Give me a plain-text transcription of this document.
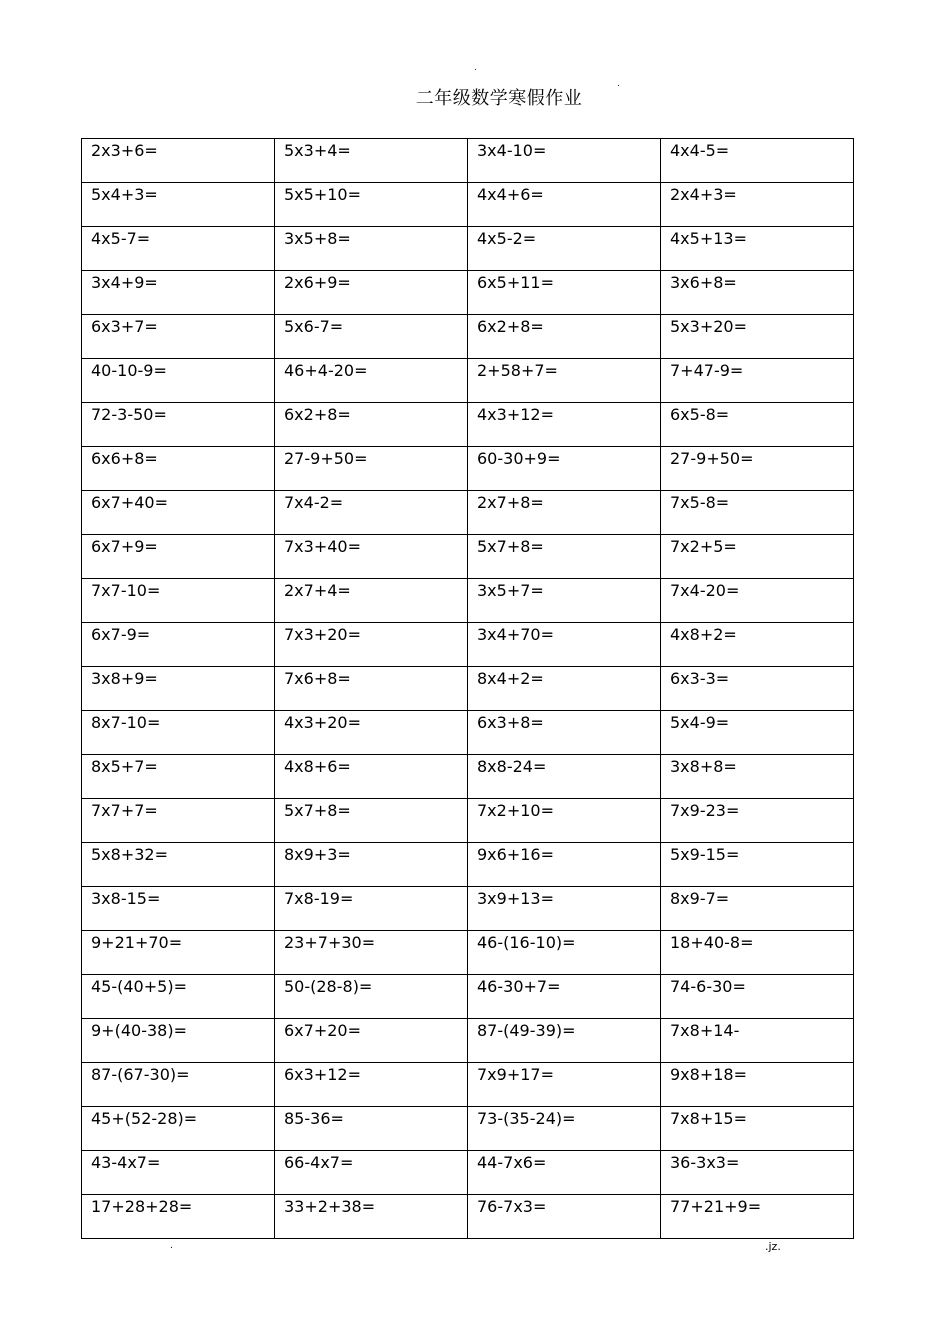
.
.
二年级数学寒假作业
2x3+6=	5x3+4=	3x4-10=	4x4-5=
5x4+3=	5x5+10=	4x4+6=	2x4+3=
4x5-7=	3x5+8=	4x5-2=	4x5+13=
3x4+9=	2x6+9=	6x5+11=	3x6+8=
6x3+7=	5x6-7=	6x2+8=	5x3+20=
40-10-9=	46+4-20=	2+58+7=	7+47-9=
72-3-50=	6x2+8=	4x3+12=	6x5-8=
6x6+8=	27-9+50=	60-30+9=	27-9+50=
6x7+40=	7x4-2=	2x7+8=	7x5-8=
6x7+9=	7x3+40=	5x7+8=	7x2+5=
7x7-10=	2x7+4=	3x5+7=	7x4-20=
6x7-9=	7x3+20=	3x4+70=	4x8+2=
3x8+9=	7x6+8=	8x4+2=	6x3-3=
8x7-10=	4x3+20=	6x3+8=	5x4-9=
8x5+7=	4x8+6=	8x8-24=	3x8+8=
7x7+7=	5x7+8=	7x2+10=	7x9-23=
5x8+32=	8x9+3=	9x6+16=	5x9-15=
3x8-15=	7x8-19=	3x9+13=	8x9-7=
9+21+70=	23+7+30=	46-(16-10)=	18+40-8=
45-(40+5)=	50-(28-8)=	46-30+7=	74-6-30=
9+(40-38)=	6x7+20=	87-(49-39)=	7x8+14-
87-(67-30)=	6x3+12=	7x9+17=	9x8+18=
45+(52-28)=	85-36=	73-(35-24)=	7x8+15=
43-4x7=	66-4x7=	44-7x6=	36-3x3=
17+28+28=	33+2+38=	76-7x3=	77+21+9=
.	.jz.
